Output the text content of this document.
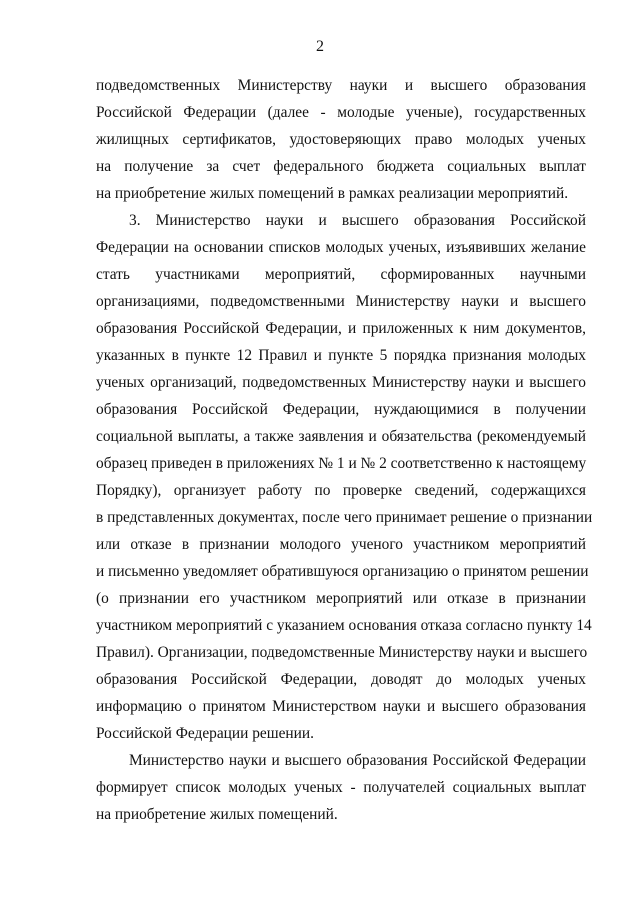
2
подведомственных Министерству науки и высшего образования
Российской Федерации (далее - молодые ученые), государственных
жилищных сертификатов, удостоверяющих право молодых ученых
на получение за счет федерального бюджета социальных выплат
на приобретение жилых помещений в рамках реализации мероприятий.
3. Министерство науки и высшего образования Российской
Федерации на основании списков молодых ученых, изъявивших желание
стать участниками мероприятий, сформированных научными
организациями, подведомственными Министерству науки и высшего
образования Российской Федерации, и приложенных к ним документов,
указанных в пункте 12 Правил и пункте 5 порядка признания молодых
ученых организаций, подведомственных Министерству науки и высшего
образования Российской Федерации, нуждающимися в получении
социальной выплаты, а также заявления и обязательства (рекомендуемый
образец приведен в приложениях № 1 и № 2 соответственно к настоящему
Порядку), организует работу по проверке сведений, содержащихся
в представленных документах, после чего принимает решение о признании
или отказе в признании молодого ученого участником мероприятий
и письменно уведомляет обратившуюся организацию о принятом решении
(о признании его участником мероприятий или отказе в признании
участником мероприятий с указанием основания отказа согласно пункту 14
Правил). Организации, подведомственные Министерству науки и высшего
образования Российской Федерации, доводят до молодых ученых
информацию о принятом Министерством науки и высшего образования
Российской Федерации решении.
Министерство науки и высшего образования Российской Федерации
формирует список молодых ученых - получателей социальных выплат
на приобретение жилых помещений.
